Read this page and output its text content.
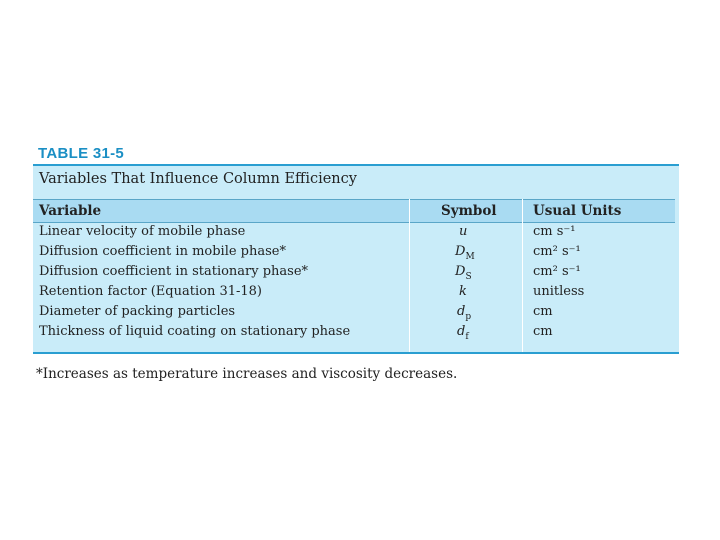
TABLE 31-5
Variables That Influence Column Efficiency
Variable	Symbol	Usual Units
Linear velocity of mobile phase	u	cm s⁻¹
Diffusion coefficient in mobile phase*	$D_M$	cm² s⁻¹
Diffusion coefficient in stationary phase*	$D_S$	cm² s⁻¹
Retention factor (Equation 31-18)	k	unitless
Diameter of packing particles	$d_p$	cm
Thickness of liquid coating on stationary phase	$d_f$	cm
*Increases as temperature increases and viscosity decreases.
